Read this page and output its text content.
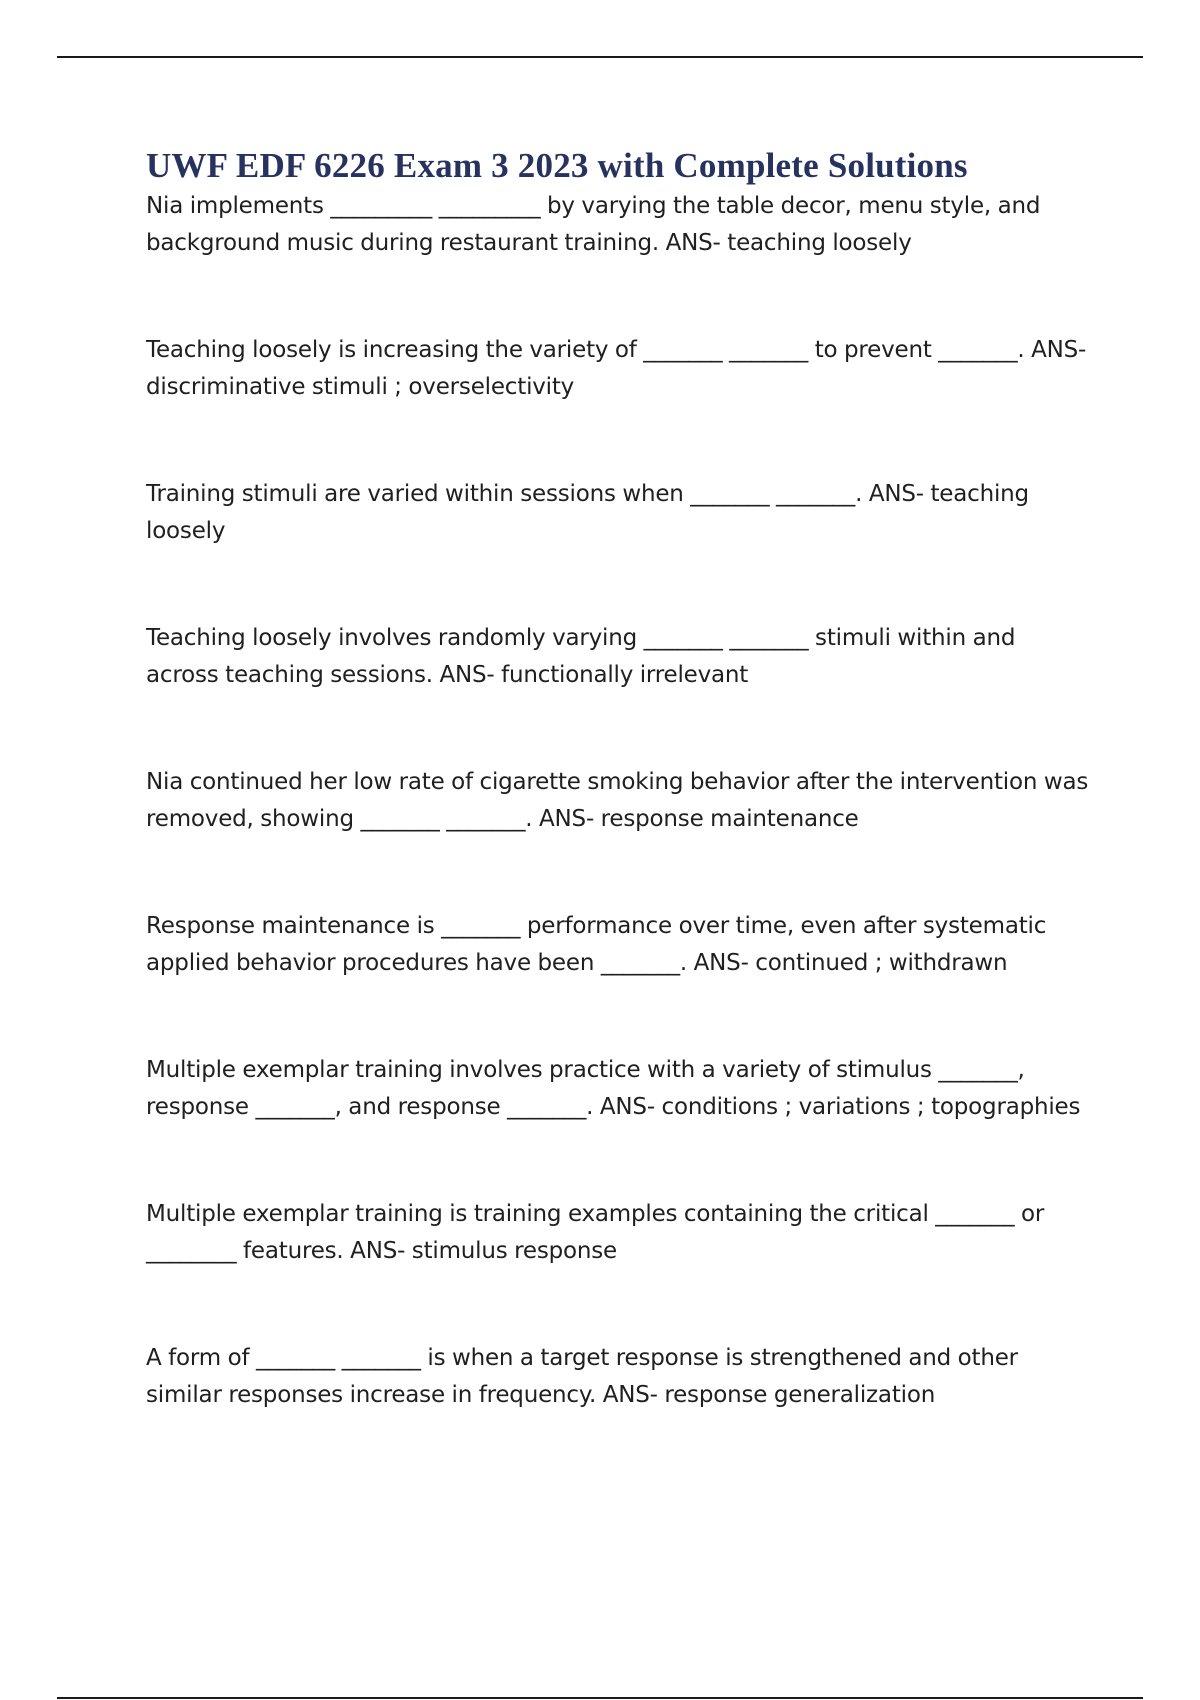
UWF EDF 6226 Exam 3 2023 with Complete Solutions

Nia implements _________ _________ by varying the table decor, menu style, and background music during restaurant training. ANS- teaching loosely

Teaching loosely is increasing the variety of _______ _______ to prevent _______. ANS- discriminative stimuli ; overselectivity

Training stimuli are varied within sessions when _______ _______. ANS- teaching loosely

Teaching loosely involves randomly varying _______ _______ stimuli within and across teaching sessions. ANS- functionally irrelevant

Nia continued her low rate of cigarette smoking behavior after the intervention was removed, showing _______ _______. ANS- response maintenance

Response maintenance is _______ performance over time, even after systematic applied behavior procedures have been _______. ANS- continued ; withdrawn

Multiple exemplar training involves practice with a variety of stimulus _______, response _______, and response _______. ANS- conditions ; variations ; topographies

Multiple exemplar training is training examples containing the critical _______ or ________ features. ANS- stimulus response

A form of _______ _______ is when a target response is strengthened and other similar responses increase in frequency. ANS- response generalization
